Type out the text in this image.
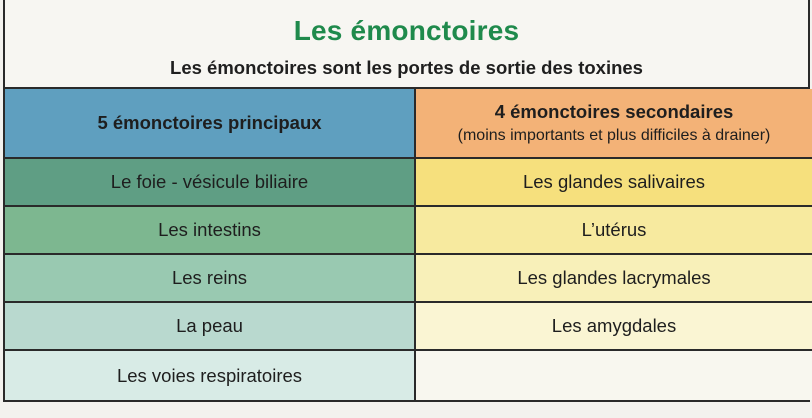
Les émonctoires
Les émonctoires sont les portes de sortie des toxines
5 émonctoires principaux
Le foie - vésicule biliaire
Les intestins
Les reins
La peau
Les voies respiratoires
4 émonctoires secondaires
(moins importants et plus difficiles à drainer)
Les glandes salivaires
L’utérus
Les glandes lacrymales
Les amygdales
